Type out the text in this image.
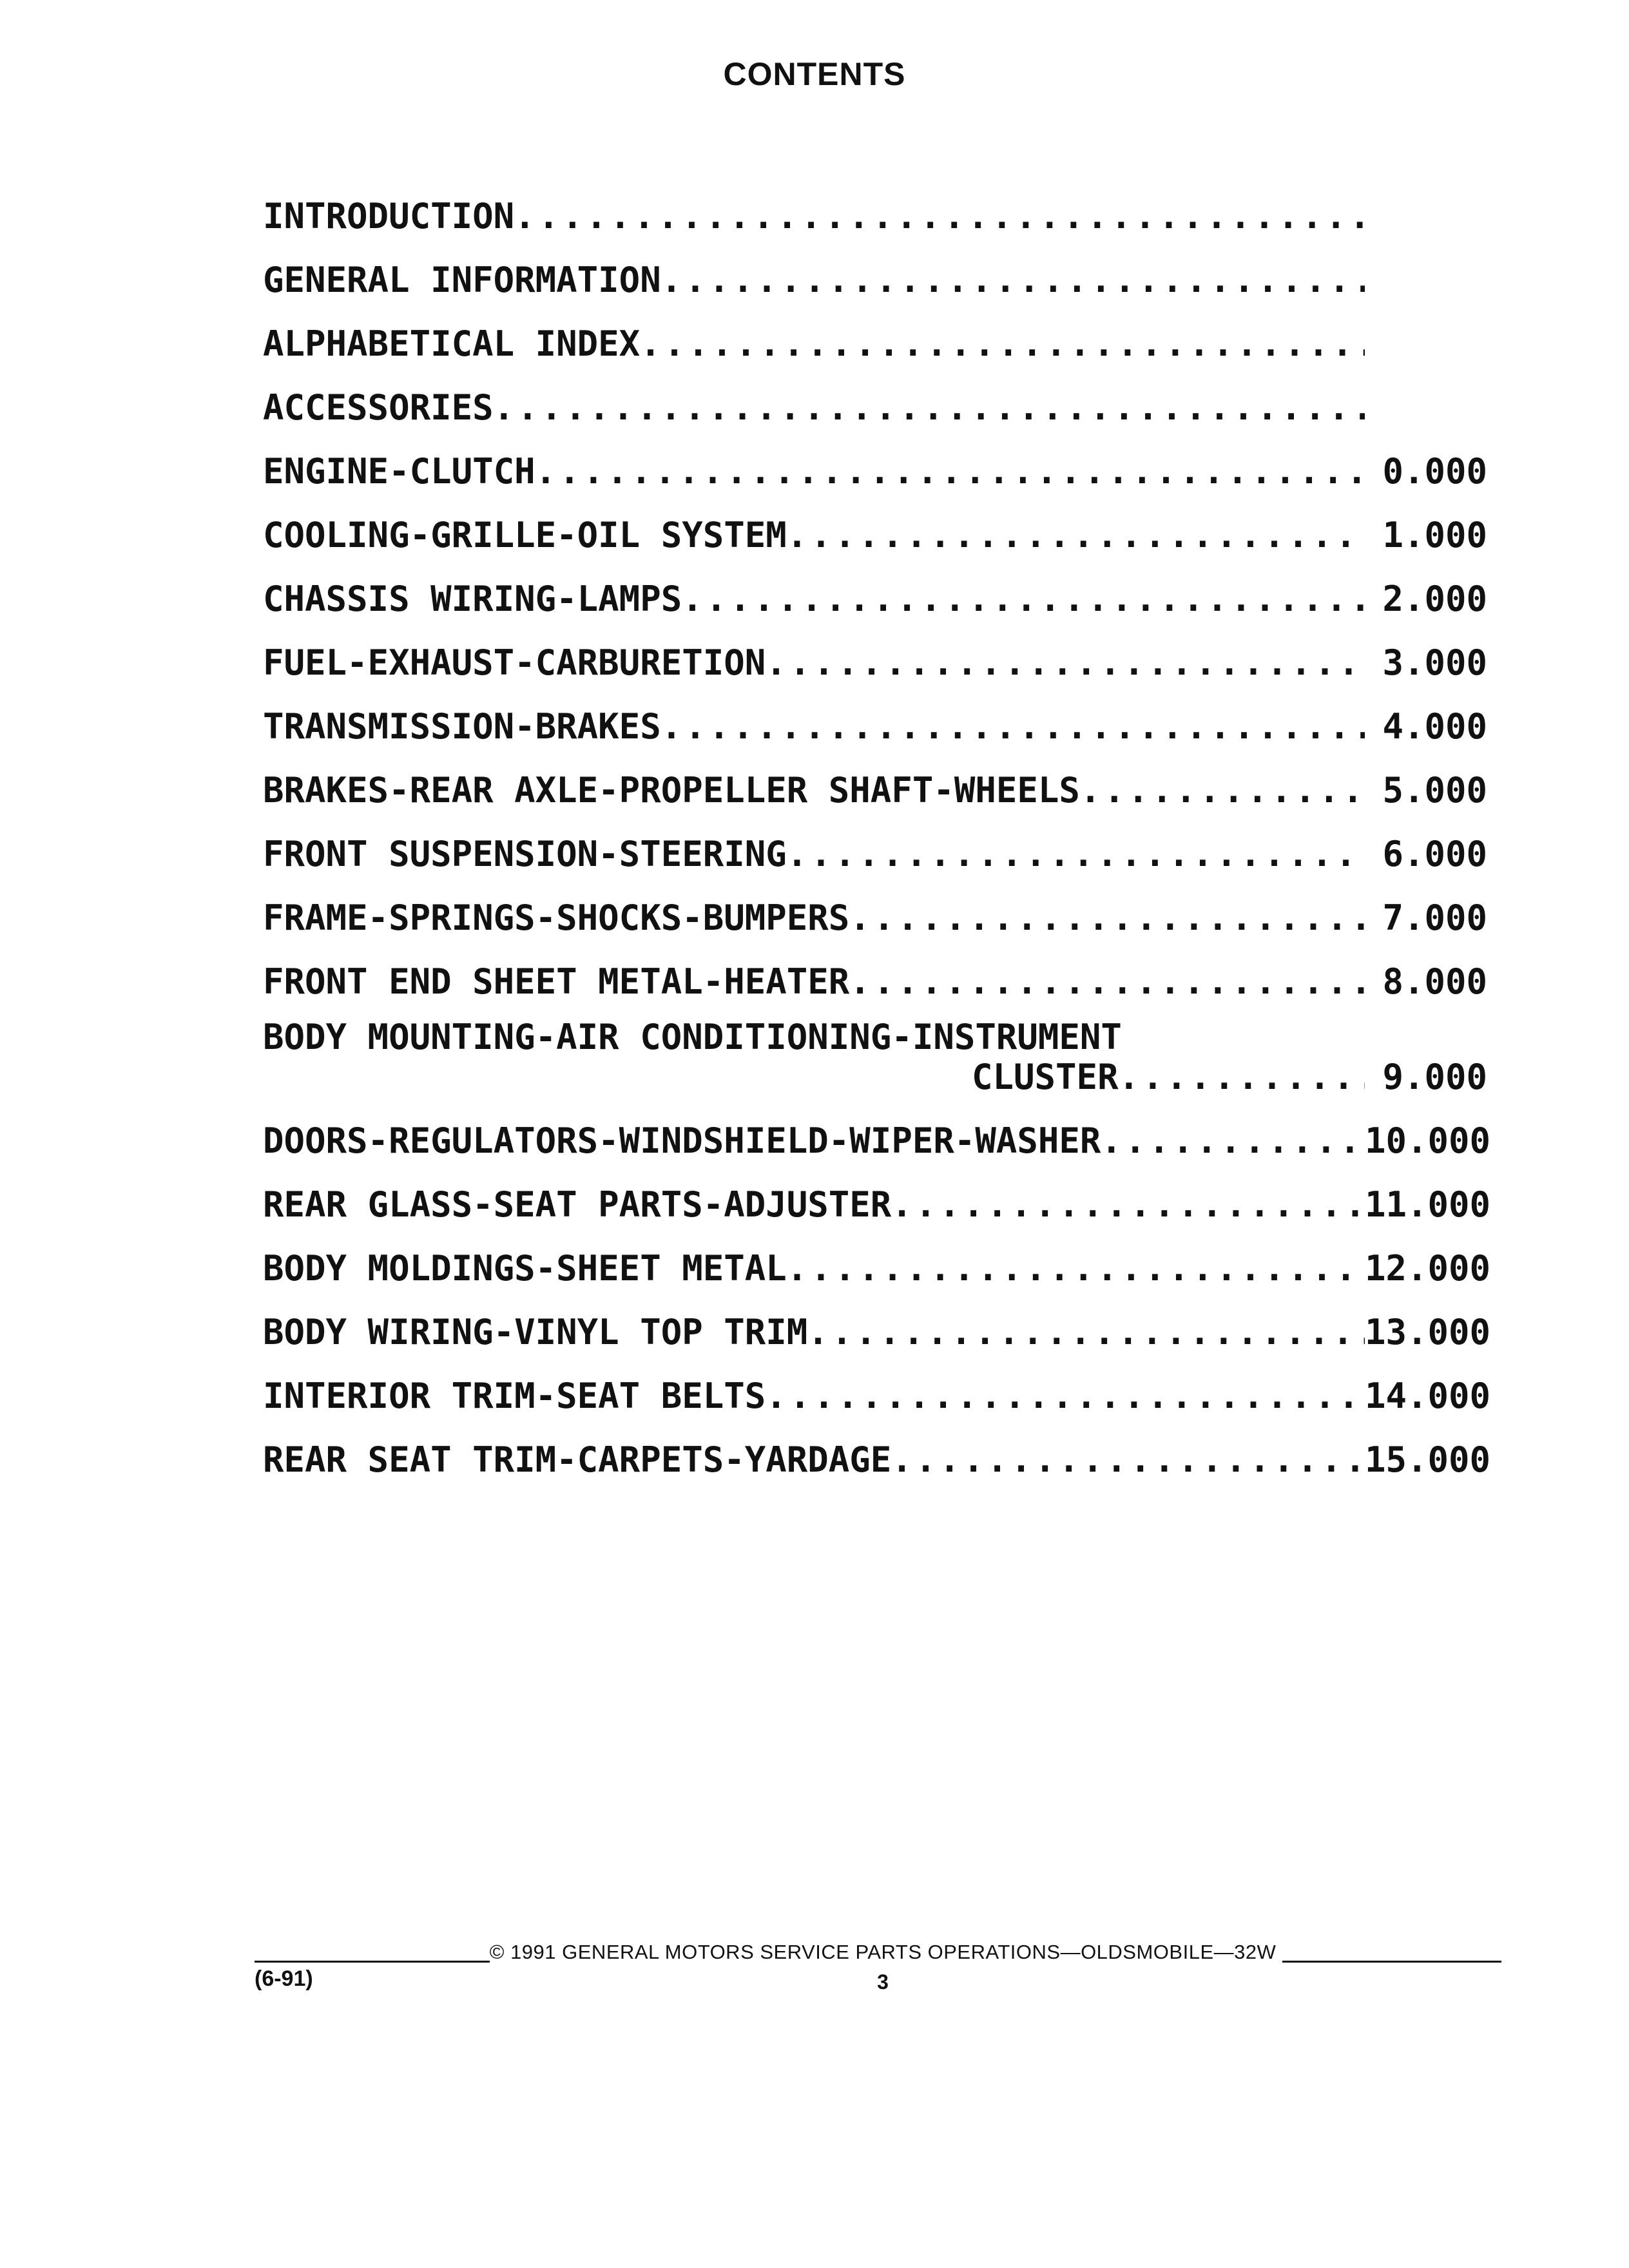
CONTENTS
INTRODUCTION
. . .
GENERAL INFORMATION
. . .
ALPHABETICAL INDEX
. . .
ACCESSORIES
. . .
ENGINE-CLUTCH . . .	0.000
COOLING-GRILLE-OIL SYSTEM . . .	1.000
CHASSIS WIRING-LAMPS . . .	2.000
FUEL-EXHAUST-CARBURETION . . .	3.000
TRANSMISSION-BRAKES . . .	4.000
BRAKES-REAR AXLE-PROPELLER SHAFT-WHEELS . . .	5.000
FRONT SUSPENSION-STEERING . . .	6.000
FRAME-SPRINGS-SHOCKS-BUMPERS . . .	7.000
FRONT END SHEET METAL-HEATER . . .	8.000
BODY MOUNTING-AIR CONDITIONING-INSTRUMENT
CLUSTER . . .	9.000
DOORS-REGULATORS-WINDSHIELD-WIPER-WASHER . . .	10.000
REAR GLASS-SEAT PARTS-ADJUSTER . . .	11.000
BODY MOLDINGS-SHEET METAL . . .	12.000
BODY WIRING-VINYL TOP TRIM . . .	13.000
INTERIOR TRIM-SEAT BELTS . . .	14.000
REAR SEAT TRIM-CARPETS-YARDAGE . . .	15.000
© 1991 GENERAL MOTORS SERVICE PARTS OPERATIONS—OLDSMOBILE—32W
(6-91)	3
